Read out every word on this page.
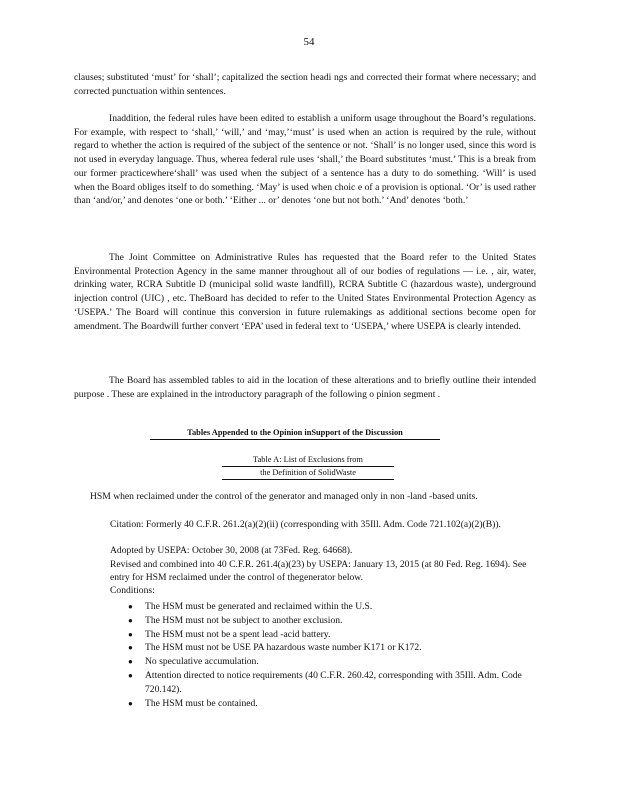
54

clauses; substituted ‘must’ for ‘shall’; capitalized the section headi ngs and corrected their format where necessary; and corrected punctuation within sentences.

Inaddition, the federal rules have been edited to establish a uniform usage throughout the Board’s regulations. For example, with respect to ‘shall,’ ‘will,’ and ‘may,’‘must’ is used when an action is required by the rule, without regard to whether the action is required of the subject of the sentence or not. ‘Shall’ is no longer used, since this word is not used in everyday language. Thus, wherea federal rule uses ‘shall,’ the Board substitutes ‘must.’ This is a break from our former practicewhere‘shall’ was used when the subject of a sentence has a duty to do something. ‘Will’ is used when the Board obliges itself to do something. ‘May’ is used when choic e of a provision is optional. ‘Or’ is used rather than ‘and/or,’ and denotes ‘one or both.’ ‘Either ... or’ denotes ‘one but not both.’ ‘And’ denotes ‘both.’

The Joint Committee on Administrative Rules has requested that the Board refer to the United States Environmental Protection Agency in the same manner throughout all of our bodies of regulations — i.e. , air, water, drinking water, RCRA Subtitle D (municipal solid waste landfill), RCRA Subtitle C (hazardous waste), underground injection control (UIC) , etc. TheBoard has decided to refer to the United States Environmental Protection Agency as ‘USEPA.’ The Board will continue this conversion in future rulemakings as additional sections become open for amendment. The Boardwill further convert ‘EPA’ used in federal text to ‘USEPA,’ where USEPA is clearly intended.

The Board has assembled tables to aid in the location of these alterations and to briefly outline their intended purpose . These are explained in the introductory paragraph of the following o pinion segment .

Tables Appended to the Opinion inSupport of the Discussion
Table A: List of Exclusions from
the Definition of SolidWaste

HSM when reclaimed under the control of the generator and managed only in non -land -based units.

Citation: Formerly 40 C.F.R. 261.2(a)(2)(ii) (corresponding with 35Ill. Adm. Code 721.102(a)(2)(B)).

Adopted by USEPA: October 30, 2008 (at 73Fed. Reg. 64668).

Revised and combined into 40 C.F.R. 261.4(a)(23) by USEPA: January 13, 2015 (at 80 Fed. Reg. 1694). See entry for HSM reclaimed under the control of thegenerator below.

Conditions:

● The HSM must be generated and reclaimed within the U.S.
● The HSM must not be subject to another exclusion.
● The HSM must not be a spent lead -acid battery.
● The HSM must not be USE PA hazardous waste number K171 or K172.
● No speculative accumulation.
● Attention directed to notice requirements (40 C.F.R. 260.42, corresponding with 35Ill. Adm. Code 720.142).
● The HSM must be contained.
